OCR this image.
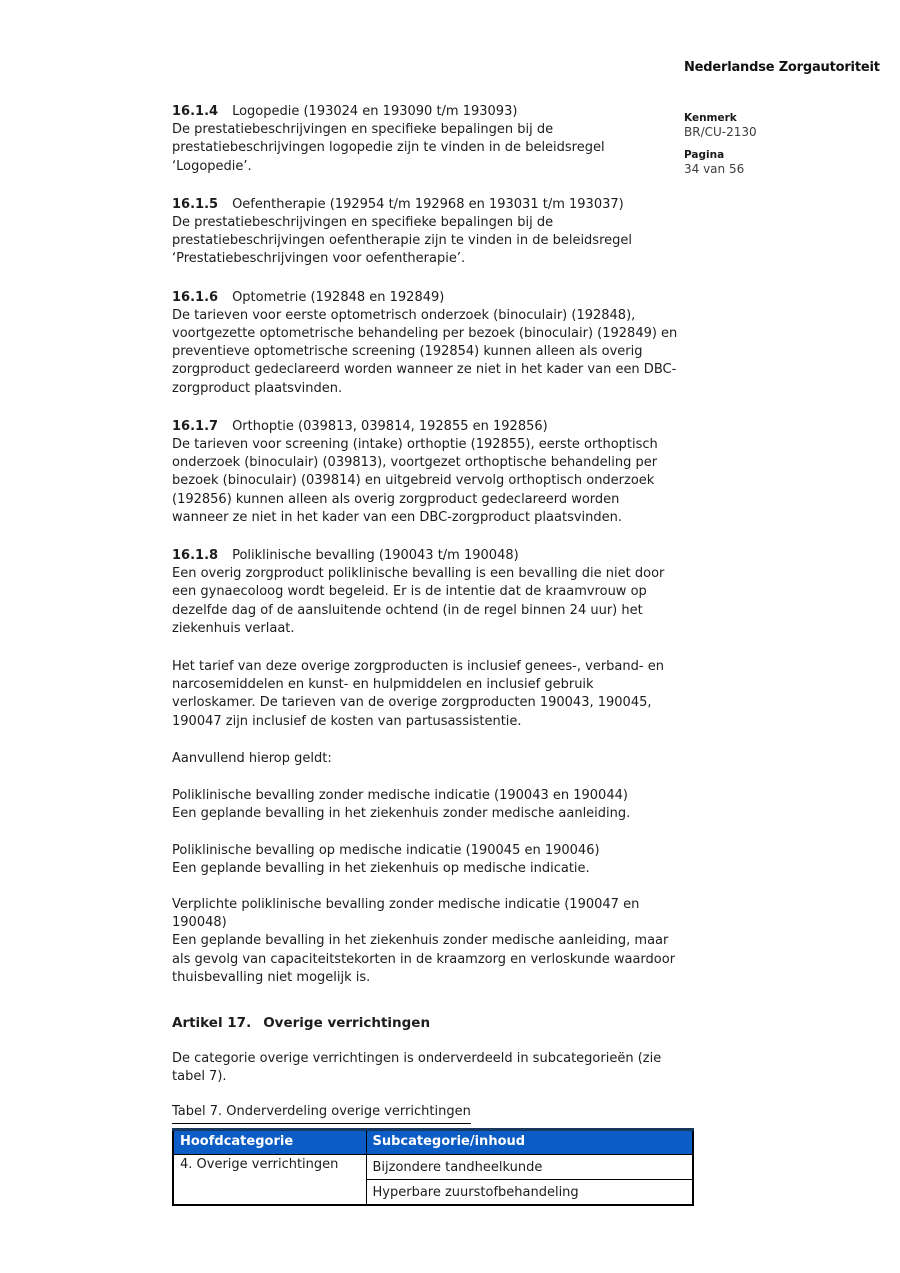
Nederlandse Zorgautoriteit
Kenmerk
BR/CU-2130
Pagina
34 van 56
16.1.4 Logopedie (193024 en 193090 t/m 193093)
De prestatiebeschrijvingen en specifieke bepalingen bij de prestatiebeschrijvingen logopedie zijn te vinden in de beleidsregel ‘Logopedie’.
16.1.5 Oefentherapie (192954 t/m 192968 en 193031 t/m 193037)
De prestatiebeschrijvingen en specifieke bepalingen bij de prestatiebeschrijvingen oefentherapie zijn te vinden in de beleidsregel ‘Prestatiebeschrijvingen voor oefentherapie’.
16.1.6 Optometrie (192848 en 192849)
De tarieven voor eerste optometrisch onderzoek (binoculair) (192848), voortgezette optometrische behandeling per bezoek (binoculair) (192849) en preventieve optometrische screening (192854) kunnen alleen als overig zorgproduct gedeclareerd worden wanneer ze niet in het kader van een DBC-zorgproduct plaatsvinden.
16.1.7 Orthoptie (039813, 039814, 192855 en 192856)
De tarieven voor screening (intake) orthoptie (192855), eerste orthoptisch onderzoek (binoculair) (039813), voortgezet orthoptische behandeling per bezoek (binoculair) (039814) en uitgebreid vervolg orthoptisch onderzoek (192856) kunnen alleen als overig zorgproduct gedeclareerd worden wanneer ze niet in het kader van een DBC-zorgproduct plaatsvinden.
16.1.8 Poliklinische bevalling (190043 t/m 190048)
Een overig zorgproduct poliklinische bevalling is een bevalling die niet door een gynaecoloog wordt begeleid. Er is de intentie dat de kraamvrouw op dezelfde dag of de aansluitende ochtend (in de regel binnen 24 uur) het ziekenhuis verlaat.
Het tarief van deze overige zorgproducten is inclusief genees-, verband- en narcosemiddelen en kunst- en hulpmiddelen en inclusief gebruik verloskamer. De tarieven van de overige zorgproducten 190043, 190045, 190047 zijn inclusief de kosten van partusassistentie.
Aanvullend hierop geldt:
Poliklinische bevalling zonder medische indicatie (190043 en 190044)
Een geplande bevalling in het ziekenhuis zonder medische aanleiding.
Poliklinische bevalling op medische indicatie (190045 en 190046)
Een geplande bevalling in het ziekenhuis op medische indicatie.
Verplichte poliklinische bevalling zonder medische indicatie (190047 en 190048)
Een geplande bevalling in het ziekenhuis zonder medische aanleiding, maar als gevolg van capaciteitstekorten in de kraamzorg en verloskunde waardoor thuisbevalling niet mogelijk is.
Artikel 17. Overige verrichtingen
De categorie overige verrichtingen is onderverdeeld in subcategorieën (zie tabel 7).
Tabel 7. Onderverdeling overige verrichtingen
Hoofdcategorie	Subcategorie/inhoud
4. Overige verrichtingen	Bijzondere tandheelkunde
	Hyperbare zuurstofbehandeling
